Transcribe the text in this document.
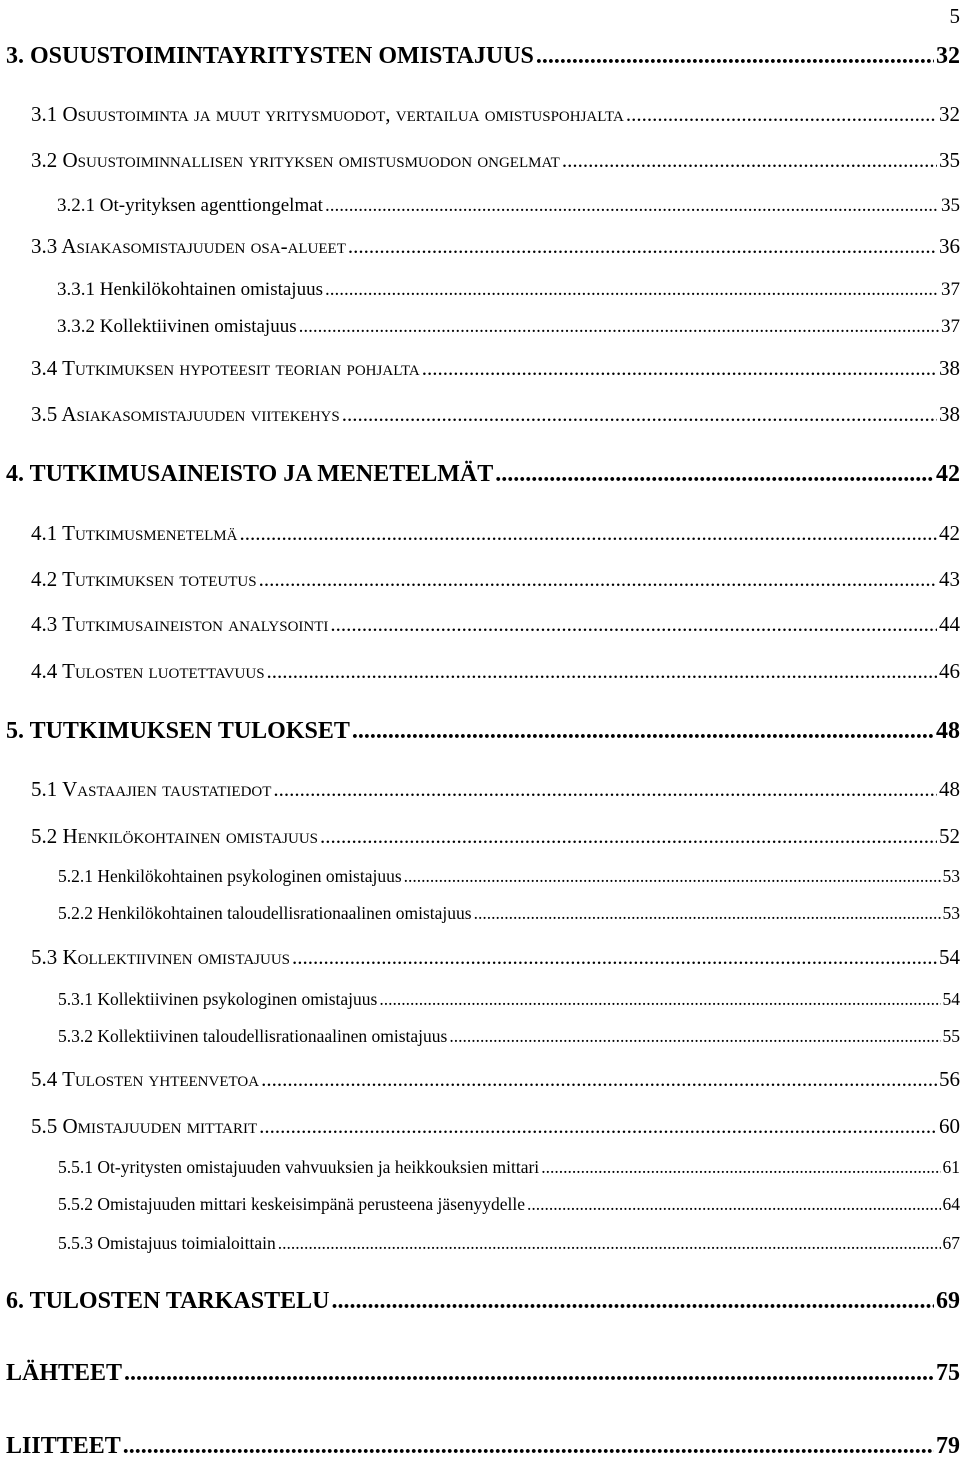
5
3. OSUUSTOIMINTAYRITYSTEN OMISTAJUUS .....	32
3.1 Osuustoiminta ja muut yritysmuodot, vertailua omistuspohjalta .....	32
3.2 Osuustoiminnallisen yrityksen omistusmuodon ongelmat .....	35
3.2.1 Ot-yrityksen agenttiongelmat .....	35
3.3 Asiakasomistajuuden osa-alueet .....	36
3.3.1 Henkilökohtainen omistajuus .....	37
3.3.2 Kollektiivinen omistajuus .....	37
3.4 Tutkimuksen hypoteesit teorian pohjalta .....	38
3.5 Asiakasomistajuuden viitekehys .....	38
4. TUTKIMUSAINEISTO JA MENETELMÄT .....	42
4.1 Tutkimusmenetelmä .....	42
4.2 Tutkimuksen toteutus .....	43
4.3 Tutkimusaineiston analysointi .....	44
4.4 Tulosten luotettavuus .....	46
5. TUTKIMUKSEN TULOKSET .....	48
5.1 Vastaajien taustatiedot .....	48
5.2 Henkilökohtainen omistajuus .....	52
5.2.1 Henkilökohtainen psykologinen omistajuus .....	53
5.2.2 Henkilökohtainen taloudellisrationaalinen omistajuus .....	53
5.3 Kollektiivinen omistajuus .....	54
5.3.1 Kollektiivinen psykologinen omistajuus .....	54
5.3.2 Kollektiivinen taloudellisrationaalinen omistajuus .....	55
5.4 Tulosten yhteenvetoa .....	56
5.5 Omistajuuden mittarit .....	60
5.5.1 Ot-yritysten omistajuuden vahvuuksien ja heikkouksien mittari .....	61
5.5.2 Omistajuuden mittari keskeisimpänä perusteena jäsenyydelle .....	64
5.5.3 Omistajuus toimialoittain .....	67
6. TULOSTEN TARKASTELU .....	69
LÄHTEET .....	75
LIITTEET .....	79
